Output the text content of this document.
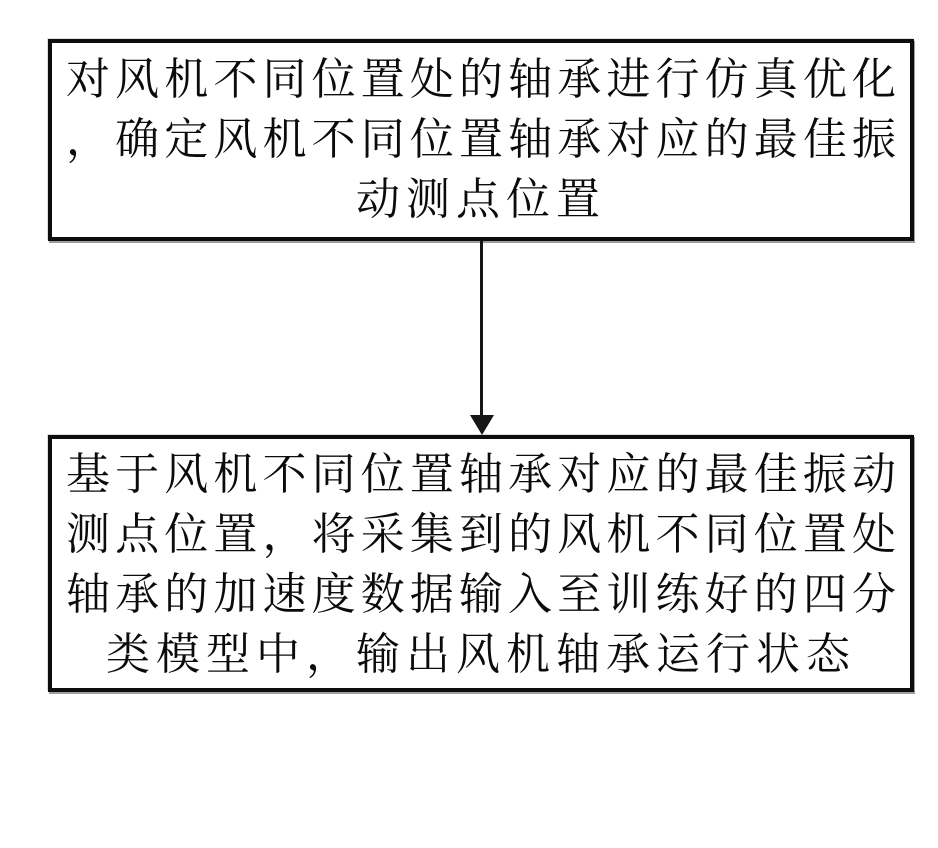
对风机不同位置处的轴承进行仿真优化
，确定风机不同位置轴承对应的最佳振
动测点位置
基于风机不同位置轴承对应的最佳振动
测点位置，将采集到的风机不同位置处
轴承的加速度数据输入至训练好的四分
类模型中，输出风机轴承运行状态
